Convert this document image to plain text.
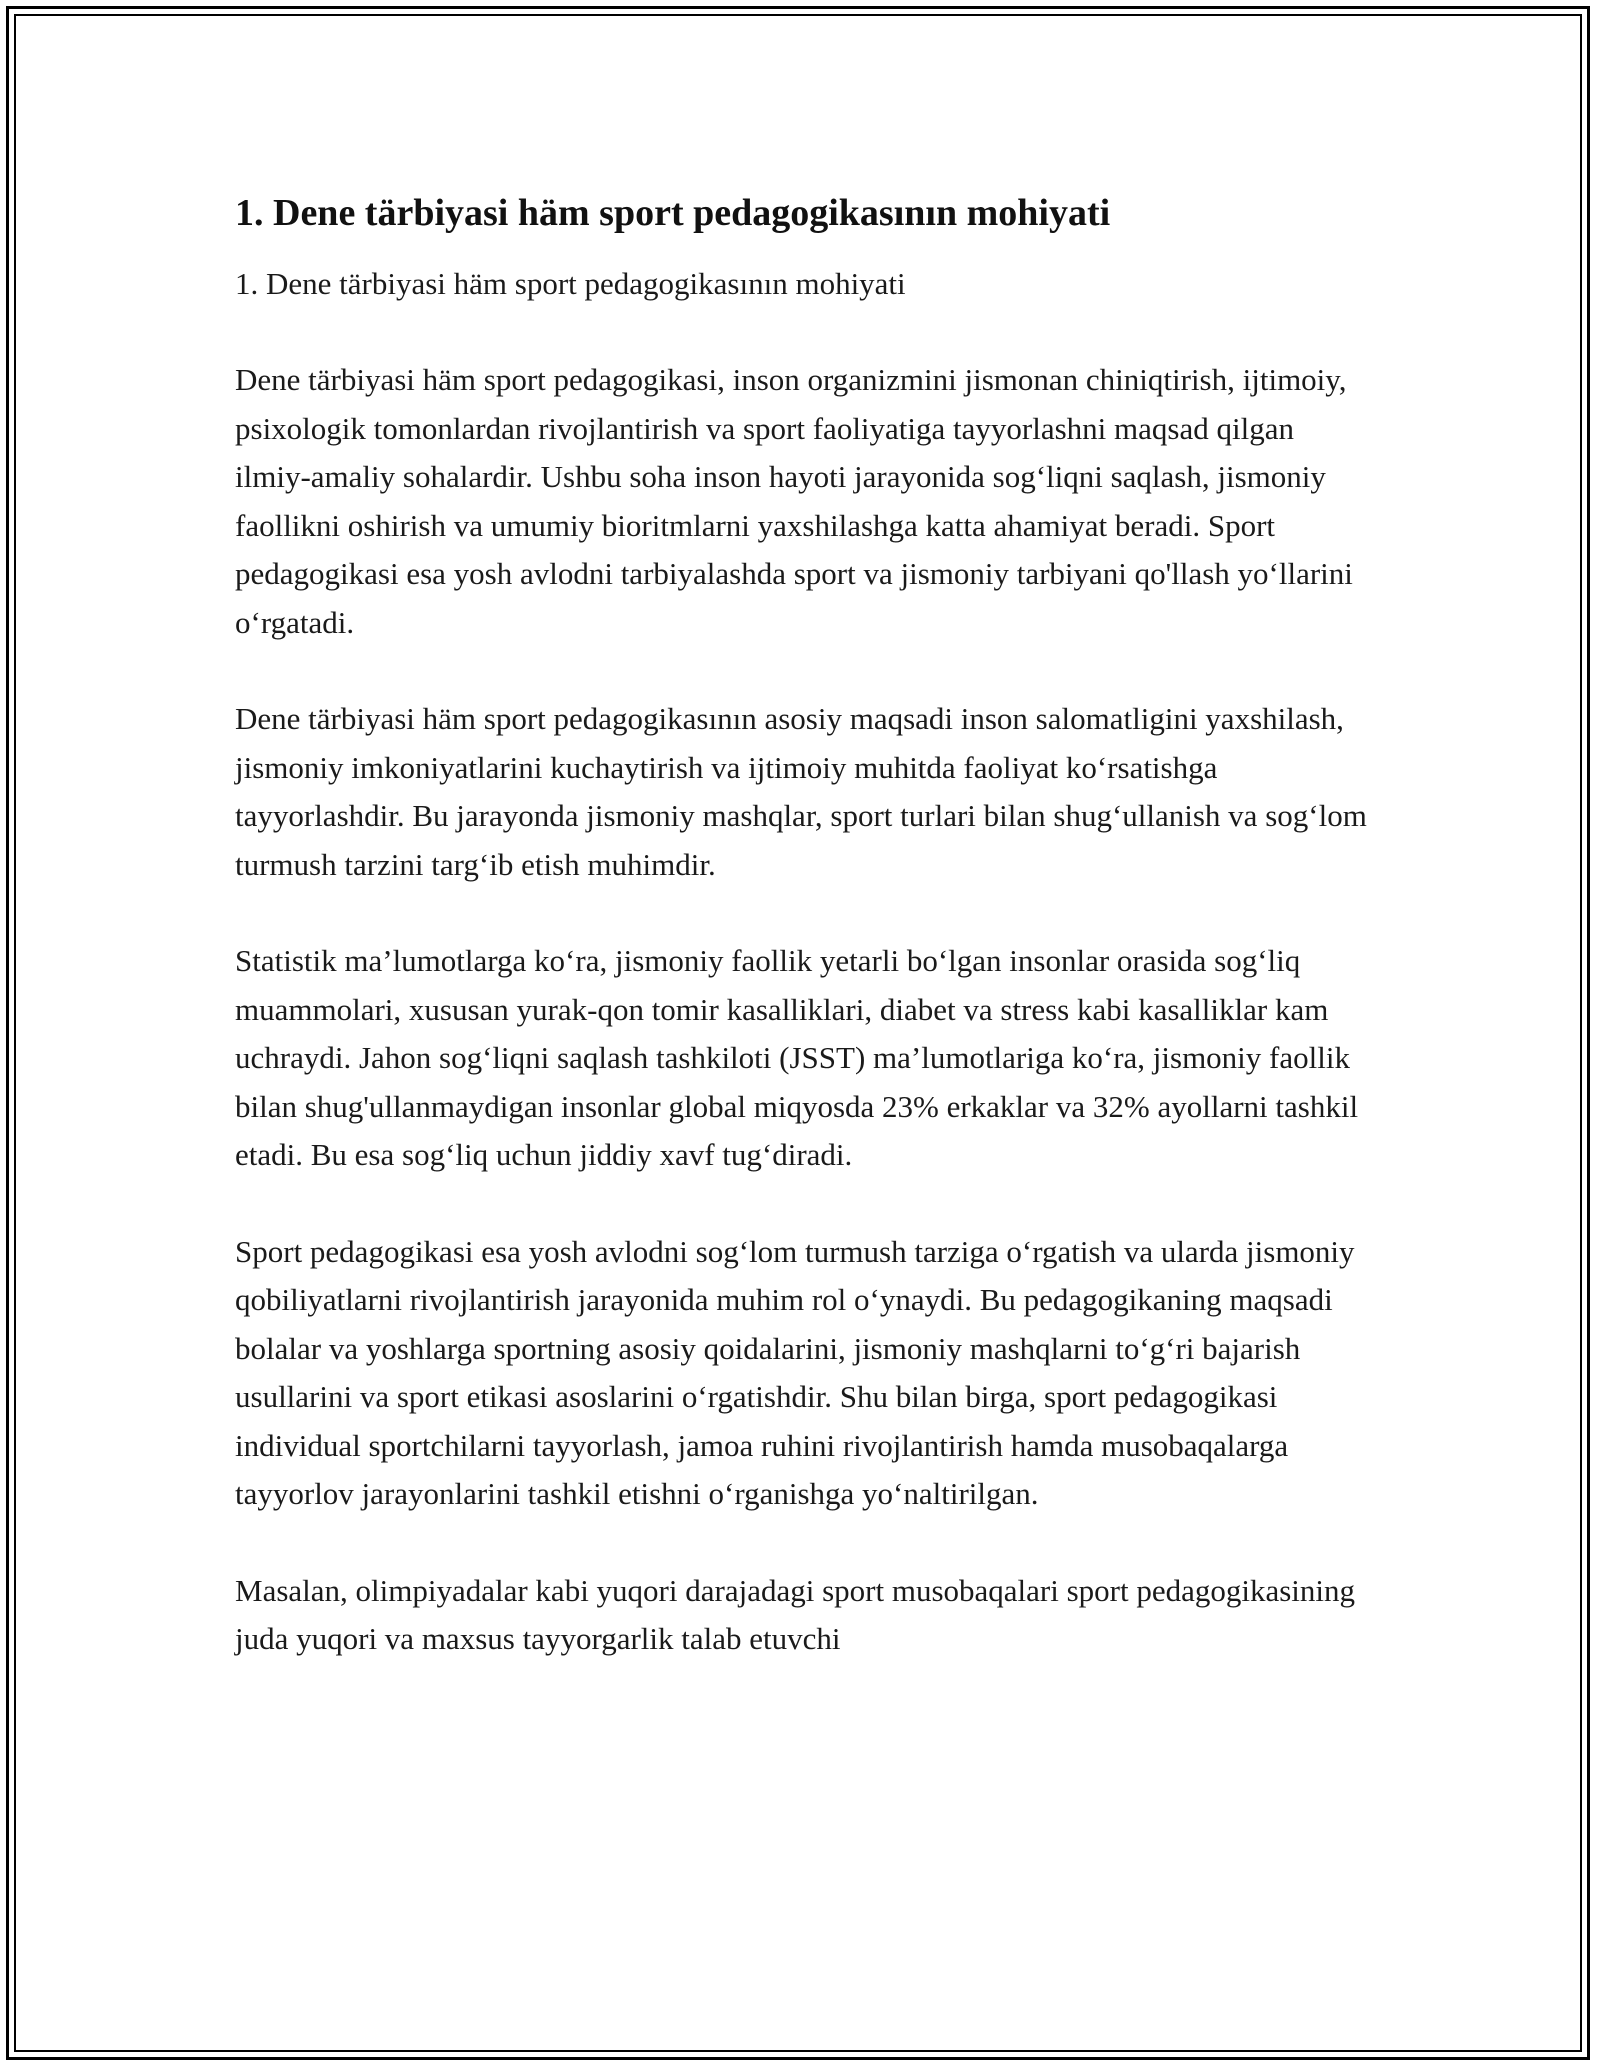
1. Dene tärbiyasi häm sport pedagogikasının mohiyati

1. Dene tärbiyasi häm sport pedagogikasının mohiyati

Dene tärbiyasi häm sport pedagogikasi, inson organizmini jismonan chiniqtirish, ijtimoiy, psixologik tomonlardan rivojlantirish va sport faoliyatiga tayyorlashni maqsad qilgan ilmiy-amaliy sohalardir. Ushbu soha inson hayoti jarayonida sog‘liqni saqlash, jismoniy faollikni oshirish va umumiy bioritmlarni yaxshilashga katta ahamiyat beradi. Sport pedagogikasi esa yosh avlodni tarbiyalashda sport va jismoniy tarbiyani qo'llash yo‘llarini o‘rgatadi.

Dene tärbiyasi häm sport pedagogikasının asosiy maqsadi inson salomatligini yaxshilash, jismoniy imkoniyatlarini kuchaytirish va ijtimoiy muhitda faoliyat ko‘rsatishga tayyorlashdir. Bu jarayonda jismoniy mashqlar, sport turlari bilan shug‘ullanish va sog‘lom turmush tarzini targ‘ib etish muhimdir.

Statistik ma’lumotlarga ko‘ra, jismoniy faollik yetarli bo‘lgan insonlar orasida sog‘liq muammolari, xususan yurak-qon tomir kasalliklari, diabet va stress kabi kasalliklar kam uchraydi. Jahon sog‘liqni saqlash tashkiloti (JSST) ma’lumotlariga ko‘ra, jismoniy faollik bilan shug'ullanmaydigan insonlar global miqyosda 23% erkaklar va 32% ayollarni tashkil etadi. Bu esa sog‘liq uchun jiddiy xavf tug‘diradi.

Sport pedagogikasi esa yosh avlodni sog‘lom turmush tarziga o‘rgatish va ularda jismoniy qobiliyatlarni rivojlantirish jarayonida muhim rol o‘ynaydi. Bu pedagogikaning maqsadi bolalar va yoshlarga sportning asosiy qoidalarini, jismoniy mashqlarni to‘g‘ri bajarish usullarini va sport etikasi asoslarini o‘rgatishdir. Shu bilan birga, sport pedagogikasi individual sportchilarni tayyorlash, jamoa ruhini rivojlantirish hamda musobaqalarga tayyorlov jarayonlarini tashkil etishni o‘rganishga yo‘naltirilgan.

Masalan, olimpiyadalar kabi yuqori darajadagi sport musobaqalari sport pedagogikasining juda yuqori va maxsus tayyorgarlik talab etuvchi
